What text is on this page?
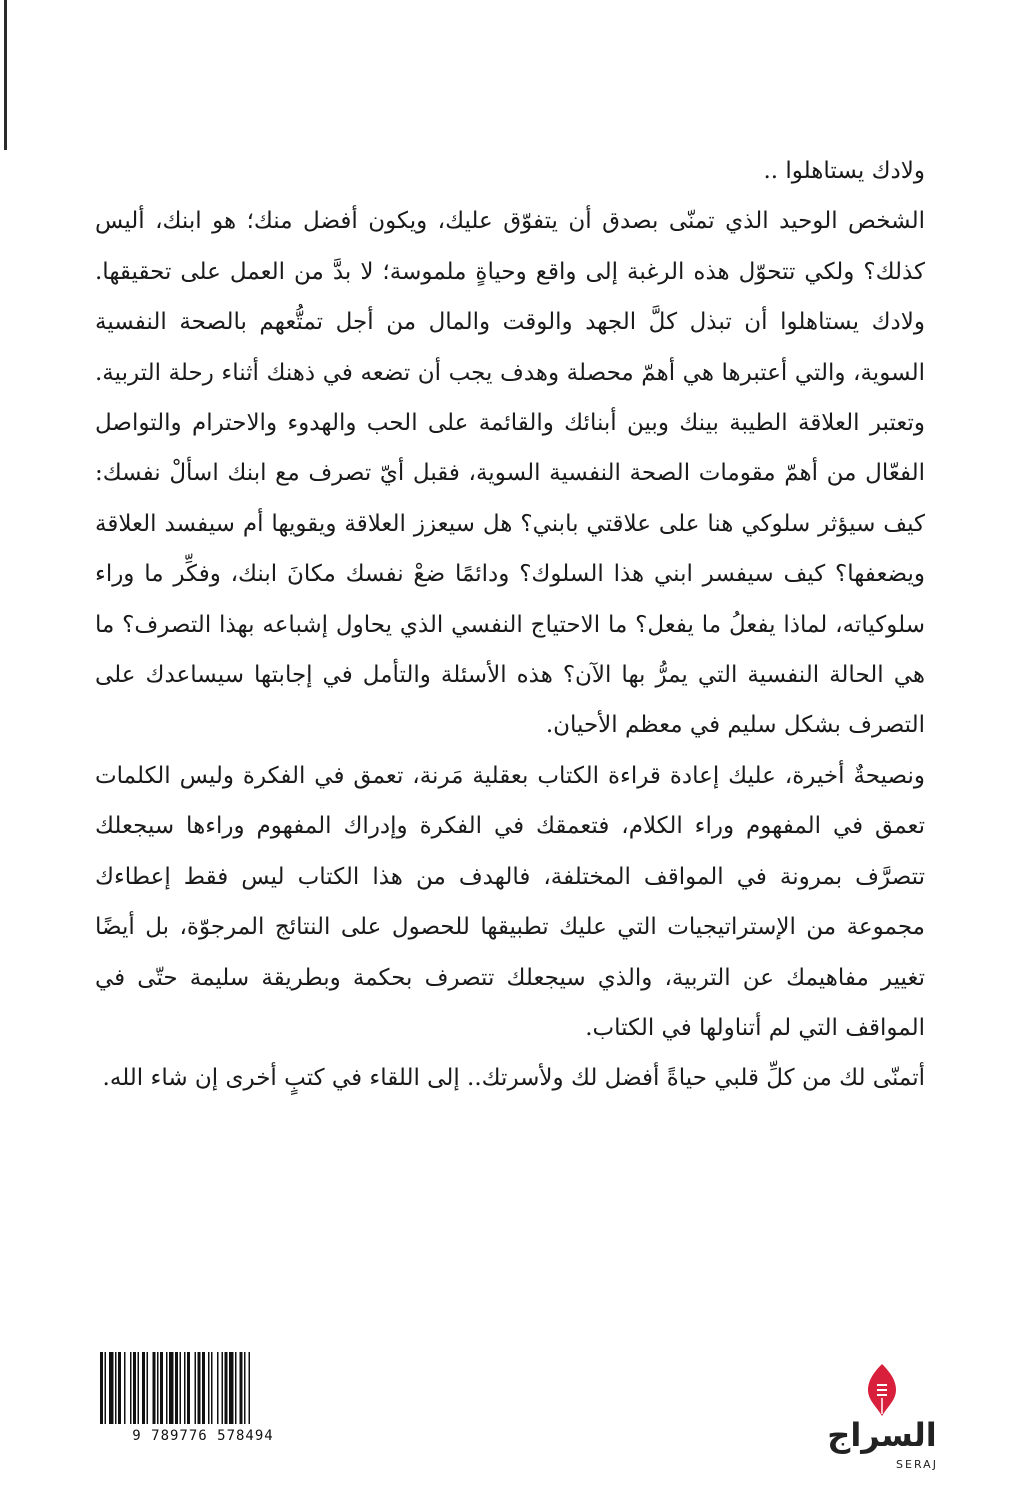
ولادك يستاهلوا ..

الشخص الوحيد الذي تمنّى بصدق أن يتفوّق عليك، ويكون أفضل منك؛ هو ابنك، أليس كذلك؟ ولكي تتحوّل هذه الرغبة إلى واقع وحياةٍ ملموسة؛ لا بدَّ من العمل على تحقيقها. ولادك يستاهلوا أن تبذل كلَّ الجهد والوقت والمال من أجل تمتُّعهم بالصحة النفسية السوية، والتي أعتبرها هي أهمّ محصلة وهدف يجب أن تضعه في ذهنك أثناء رحلة التربية. وتعتبر العلاقة الطيبة بينك وبين أبنائك والقائمة على الحب والهدوء والاحترام والتواصل الفعّال من أهمّ مقومات الصحة النفسية السوية، فقبل أيّ تصرف مع ابنك اسألْ نفسك: كيف سيؤثر سلوكي هنا على علاقتي بابني؟ هل سيعزز العلاقة ويقويها أم سيفسد العلاقة ويضعفها؟ كيف سيفسر ابني هذا السلوك؟ ودائمًا ضعْ نفسك مكانَ ابنك، وفكِّر ما وراء سلوكياته، لماذا يفعلُ ما يفعل؟ ما الاحتياج النفسي الذي يحاول إشباعه بهذا التصرف؟ ما هي الحالة النفسية التي يمرُّ بها الآن؟ هذه الأسئلة والتأمل في إجابتها سيساعدك على التصرف بشكل سليم في معظم الأحيان.

ونصيحةٌ أخيرة، عليك إعادة قراءة الكتاب بعقلية مَرنة، تعمق في الفكرة وليس الكلمات تعمق في المفهوم وراء الكلام، فتعمقك في الفكرة وإدراك المفهوم وراءها سيجعلك تتصرَّف بمرونة في المواقف المختلفة، فالهدف من هذا الكتاب ليس فقط إعطاءك مجموعة من الإستراتيجيات التي عليك تطبيقها للحصول على النتائج المرجوّة، بل أيضًا تغيير مفاهيمك عن التربية، والذي سيجعلك تتصرف بحكمة وبطريقة سليمة حتّى في المواقف التي لم أتناولها في الكتاب.

أتمنّى لك من كلِّ قلبي حياةً أفضل لك ولأسرتك.. إلى اللقاء في كتبٍ أخرى إن شاء الله.

9 789776 578494	السراج
SERAJ
